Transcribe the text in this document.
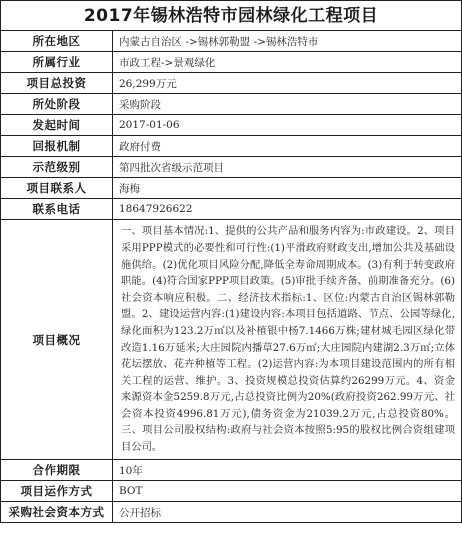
2017年锡林浩特市园林绿化工程项目
所在地区	内蒙古自治区 ->锡林郭勒盟 ->锡林浩特市
所属行业	市政工程->景观绿化
项目总投资	26,299万元
所处阶段	采购阶段
发起时间	2017-01-06
回报机制	政府付费
示范级别	第四批次省级示范项目
项目联系人	海梅
联系电话	18647926622
项目概况	一、项目基本情况:1、提供的公共产品和服务内容为:市政建设。2、项目采用PPP模式的必要性和可行性:(1)平滑政府财政支出,增加公共及基础设施供给。(2)优化项目风险分配,降低全寿命周期成本。(3)有利于转变政府职能。(4)符合国家PPP项目政策。(5)审批手续齐备、前期准备充分。(6)社会资本响应积极。二、经济技术指标:1、区位:内蒙古自治区锡林郭勒盟。2、建设运营内容:(1)建设内容:本项目包括道路、节点、公园等绿化,绿化面积为123.2万㎡以及补植银中杨7.1466万株;建材城毛园区绿化带改造1.16万延米;大庄园院内播草27.6万㎡;大庄园院内建湖2.3万㎡;立体花坛摆放、花卉种植等工程。(2)运营内容:为本项目建设范围内的所有相关工程的运营、维护。3、投资规模总投资估算约26299万元。4、资金来源资本金5259.8万元,占总投资比例为20%(政府投资262.99万元、社会资本投资4996.81万元),债务资金为21039.2万元,占总投资80%。三、项目公司股权结构:政府与社会资本按照5:95的股权比例合资组建项目公司。
合作期限	10年
项目运作方式	BOT
采购社会资本方式	公开招标
